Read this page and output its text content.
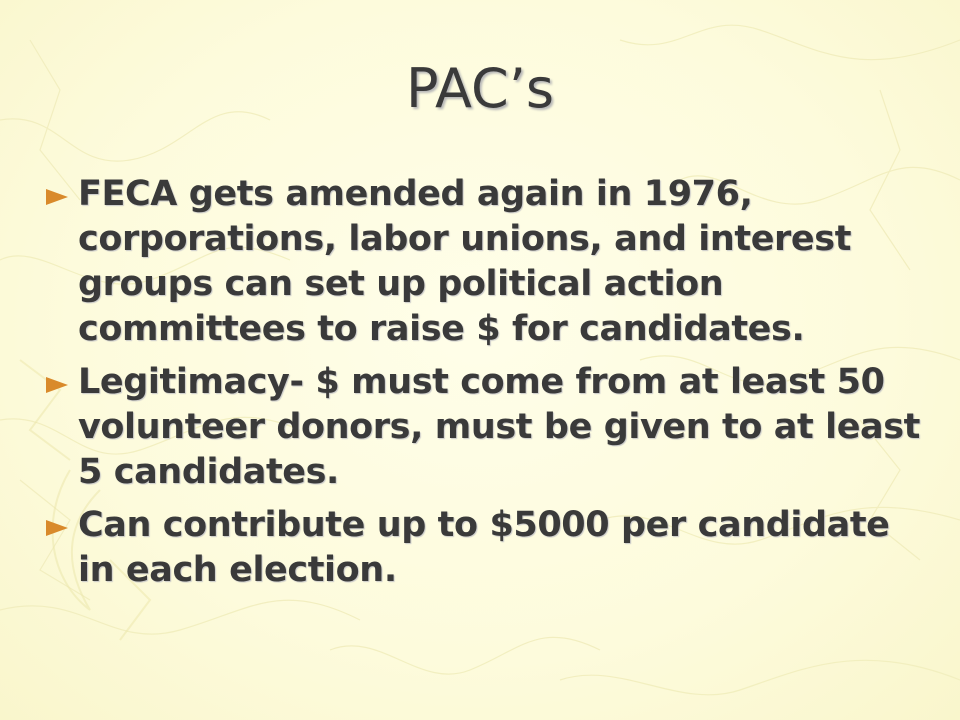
PAC’s
FECA gets amended again in 1976, corporations, labor unions, and interest groups can set up political action committees to raise $ for candidates.
Legitimacy- $ must come from at least 50 volunteer donors, must be given to at least 5 candidates.
Can contribute up to $5000 per candidate in each election.
